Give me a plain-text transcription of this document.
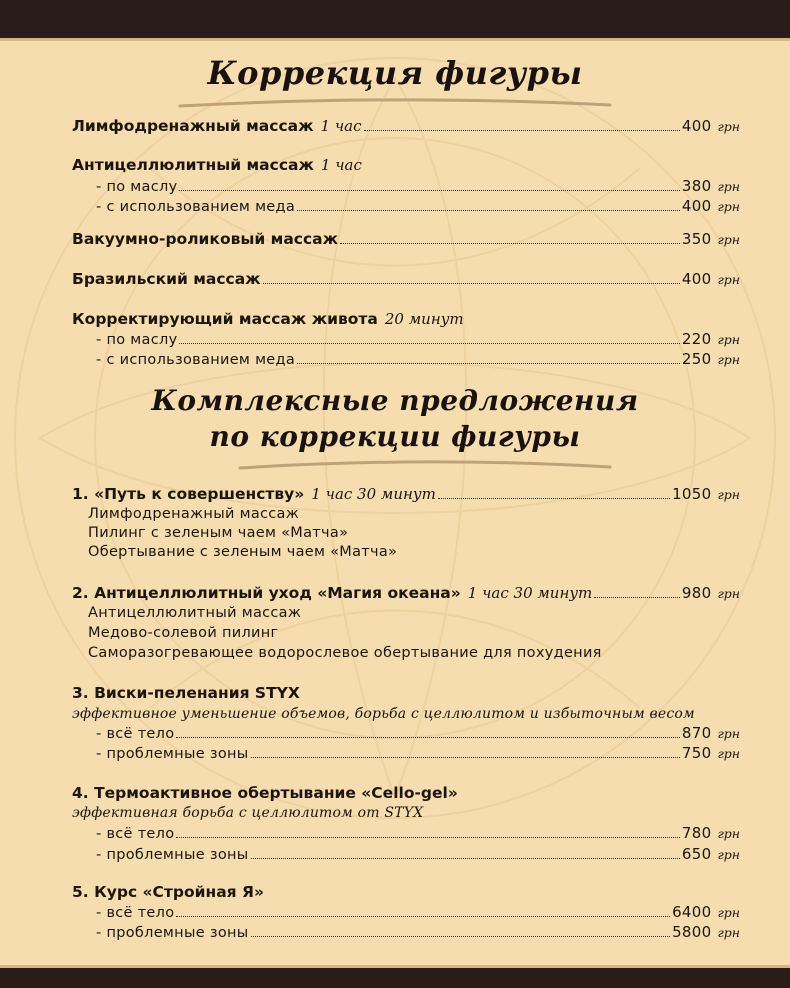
Коррекция фигуры
Лимфодренажный массаж 1 час	400 грн
Антицеллюлитный массаж 1 час
- по маслу	380 грн
- с использованием меда	400 грн
Вакуумно-роликовый массаж	350 грн
Бразильский массаж	400 грн
Корректирующий массаж живота 20 минут
- по маслу	220 грн
- с использованием меда	250 грн
Комплексные предложения
по коррекции фигуры
1. «Путь к совершенству» 1 час 30 минут	1050 грн
Лимфодренажный массаж
Пилинг с зеленым чаем «Матча»
Обертывание с зеленым чаем «Матча»
2. Антицеллюлитный уход «Магия океана» 1 час 30 минут	980 грн
Антицеллюлитный массаж
Медово-солевой пилинг
Саморазогревающее водорослевое обертывание для похудения
3. Виски-пеленания STYX
эффективное уменьшение объемов, борьба с целлюлитом и избыточным весом
- всё тело	870 грн
- проблемные зоны	750 грн
4. Термоактивное обертывание «Cello-gel»
эффективная борьба с целлюлитом от STYX
- всё тело	780 грн
- проблемные зоны	650 грн
5. Курс «Стройная Я»
- всё тело	6400 грн
- проблемные зоны	5800 грн
